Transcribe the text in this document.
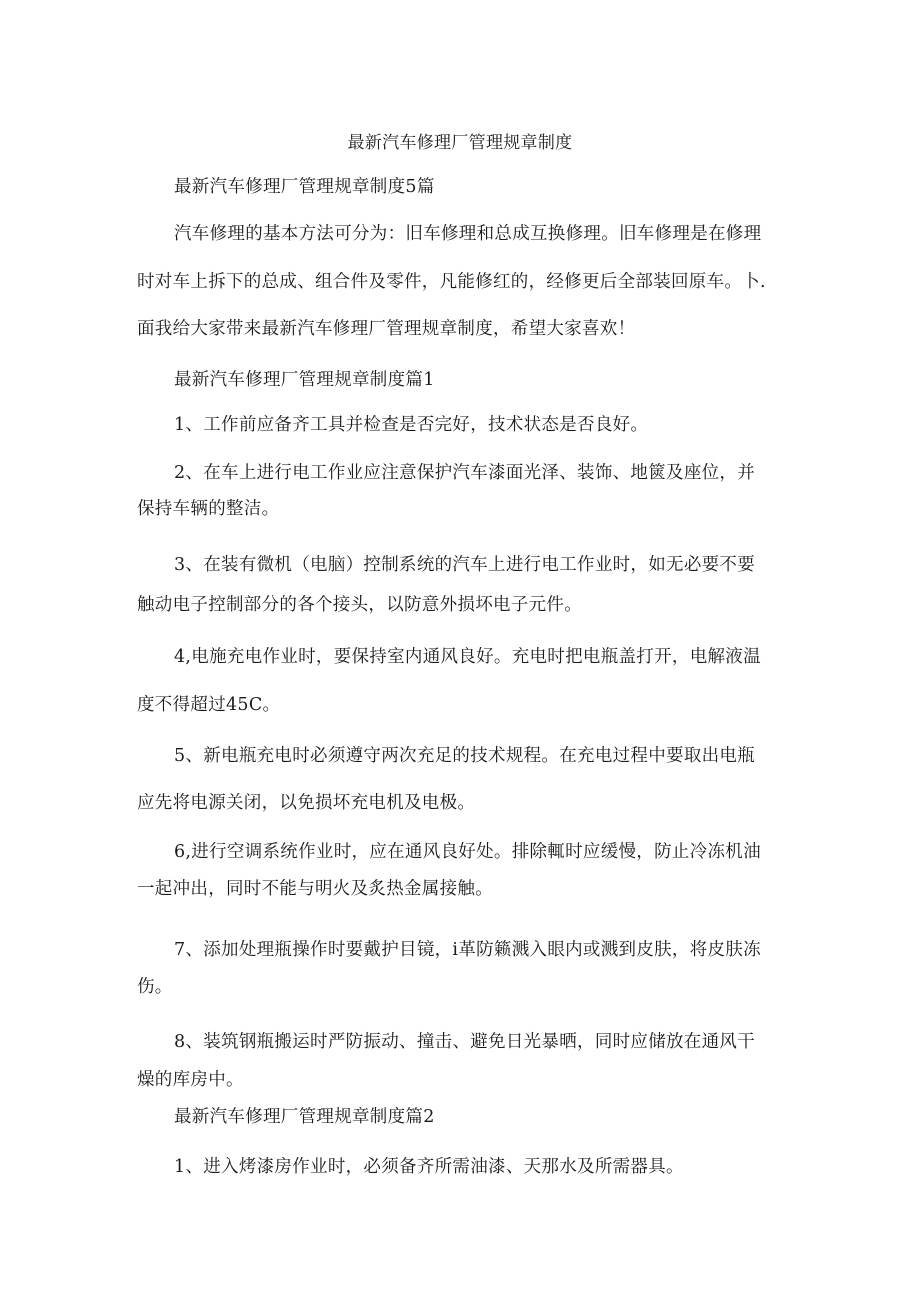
最新汽车修理厂管理规章制度
最新汽车修理厂管理规章制度5篇
汽车修理的基本方法可分为：旧车修理和总成互换修理。旧车修理是在修理
时对车上拆下的总成、组合件及零件，凡能修红的，经修更后全部装回原车。卜.
面我给大家带来最新汽车修理厂管理规章制度，希望大家喜欢！
最新汽车修理厂管理规章制度篇1
1、工作前应备齐工具并检查是否完好，技术状态是否良好。
2、在车上进行电工作业应注意保护汽车漆面光泽、装饰、地篋及座位，并
保持车辆的整洁。
3、在装有微机（电脑）控制系统的汽车上进行电工作业时，如无必要不要
触动电子控制部分的各个接头，以防意外损坏电子元件。
4,电施充电作业时，要保持室内通风良好。充电时把电瓶盖打开，电解液温
度不得超过45C。
5、新电瓶充电时必须遵守两次充足的技术规程。在充电过程中要取出电瓶
应先将电源关闭，以免损坏充电机及电极。
6,进行空调系统作业时，应在通风良好处。排除輒时应缓慢，防止冷冻机油
一起冲出，同时不能与明火及炙热金属接触。
7、添加处理瓶操作时要戴护目镜，i革防籁溅入眼内或溅到皮肤，将皮肤冻
伤。
8、装筑钢瓶搬运时严防振动、撞击、避免日光暴晒，同时应储放在通风干
燥的库房中。
最新汽车修理厂管理规章制度篇2
1、进入烤漆房作业时，必须备齐所需油漆、天那水及所需器具。
